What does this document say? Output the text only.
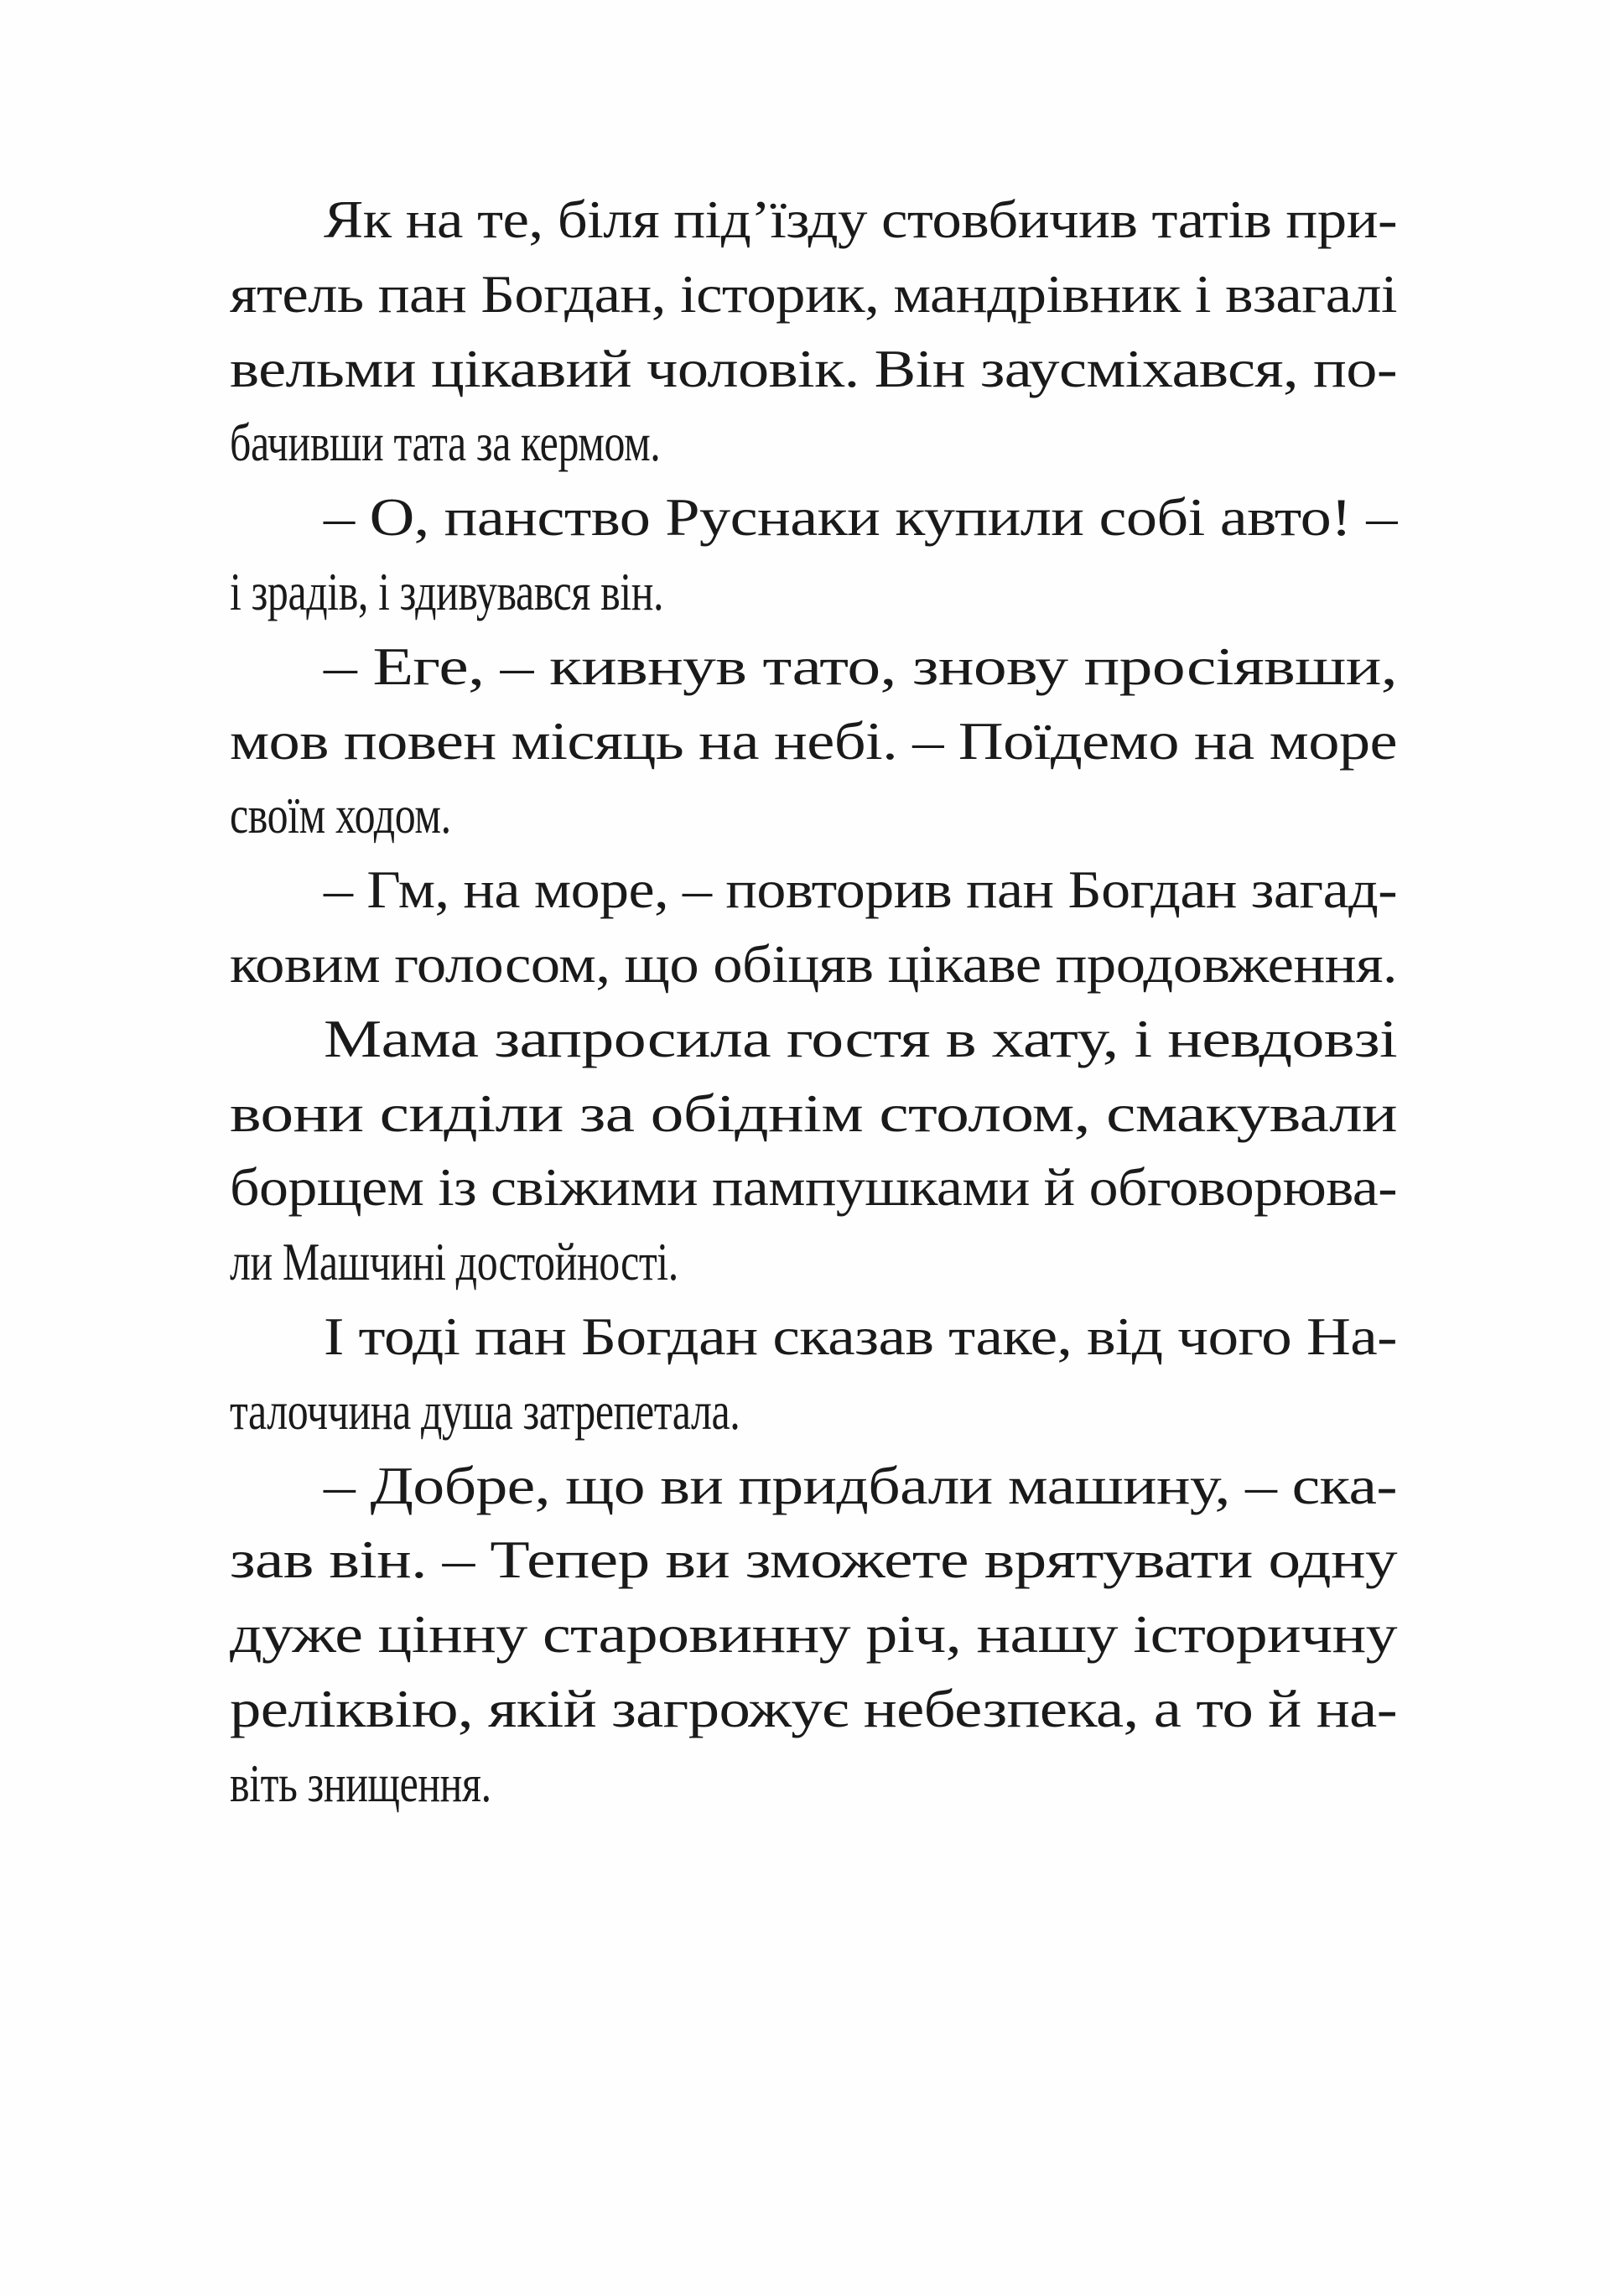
Як на те, біля під’їзду стовбичив татів при-
ятель пан Богдан, історик, мандрівник і взагалі
вельми цікавий чоловік. Він заусміхався, по-
бачивши тата за кермом.
– О, панство Руснаки купили собі авто! –
і зрадів, і здивувався він.
– Еге, – кивнув тато, знову просіявши,
мов повен місяць на небі. – Поїдемо на море
своїм ходом.
– Гм, на море, – повторив пан Богдан загад-
ковим голосом, що обіцяв цікаве продовження.
Мама запросила гостя в хату, і невдовзі
вони сиділи за обіднім столом, смакували
борщем із свіжими пампушками й обговорюва-
ли Машчині достойності.
І тоді пан Богдан сказав таке, від чого На-
талоччина душа затрепетала.
– Добре, що ви придбали машину, – ска-
зав він. – Тепер ви зможете врятувати одну
дуже цінну старовинну річ, нашу історичну
реліквію, якій загрожує небезпека, а то й на-
віть знищення.
